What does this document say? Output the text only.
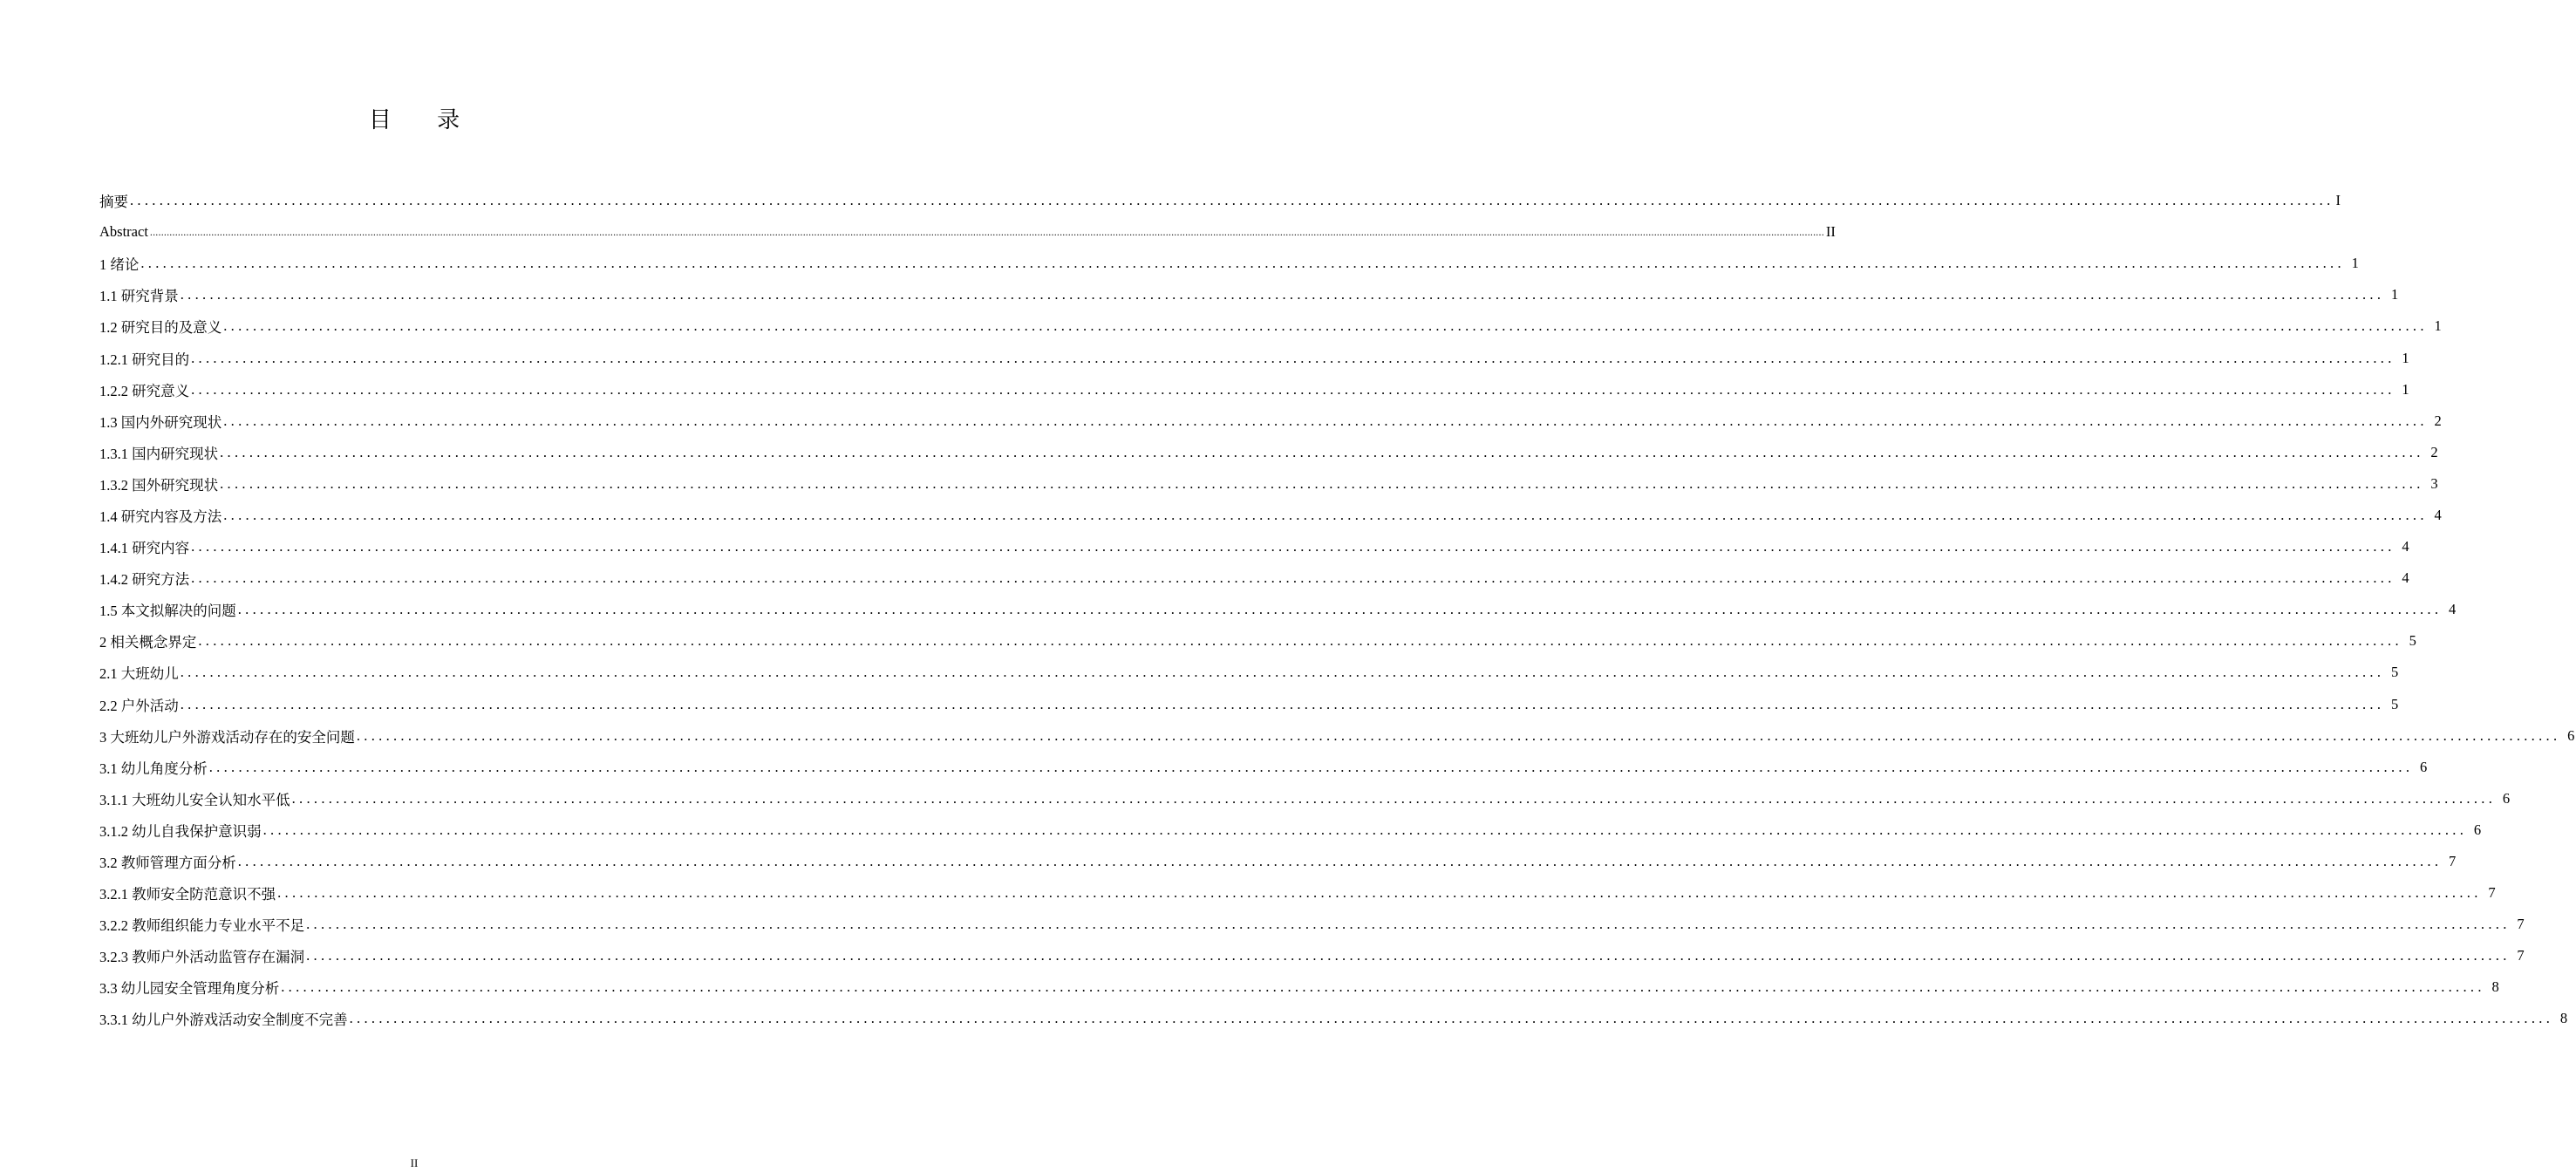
目 录
摘要 ............................................................................................................................................................................................................................................................................................................ I
Abstract ........................................................................................................................................................................................................................................................................................................................................................................................................................................................................................................................................................................................................................ II
1 绪论 ............................................................................................................................................................................................................................................................................................................ 1
1.1 研究背景 ............................................................................................................................................................................................................................................................................................................ 1
1.2 研究目的及意义 ............................................................................................................................................................................................................................................................................................................ 1
1.2.1 研究目的 ............................................................................................................................................................................................................................................................................................................ 1
1.2.2 研究意义 ............................................................................................................................................................................................................................................................................................................ 1
1.3 国内外研究现状 ............................................................................................................................................................................................................................................................................................................ 2
1.3.1 国内研究现状 ............................................................................................................................................................................................................................................................................................................ 2
1.3.2 国外研究现状 ............................................................................................................................................................................................................................................................................................................ 3
1.4 研究内容及方法 ............................................................................................................................................................................................................................................................................................................ 4
1.4.1 研究内容 ............................................................................................................................................................................................................................................................................................................ 4
1.4.2 研究方法 ............................................................................................................................................................................................................................................................................................................ 4
1.5 本文拟解决的问题 ............................................................................................................................................................................................................................................................................................................ 4
2 相关概念界定 ............................................................................................................................................................................................................................................................................................................ 5
2.1 大班幼儿 ............................................................................................................................................................................................................................................................................................................ 5
2.2 户外活动 ............................................................................................................................................................................................................................................................................................................ 5
3 大班幼儿户外游戏活动存在的安全问题 ............................................................................................................................................................................................................................................................................................................ 6
3.1 幼儿角度分析 ............................................................................................................................................................................................................................................................................................................ 6
3.1.1 大班幼儿安全认知水平低 ............................................................................................................................................................................................................................................................................................................ 6
3.1.2 幼儿自我保护意识弱 ............................................................................................................................................................................................................................................................................................................ 6
3.2 教师管理方面分析 ............................................................................................................................................................................................................................................................................................................ 7
3.2.1 教师安全防范意识不强 ............................................................................................................................................................................................................................................................................................................ 7
3.2.2 教师组织能力专业水平不足 ............................................................................................................................................................................................................................................................................................................ 7
3.2.3 教师户外活动监管存在漏洞 ............................................................................................................................................................................................................................................................................................................ 7
3.3 幼儿园安全管理角度分析 ............................................................................................................................................................................................................................................................................................................ 8
3.3.1 幼儿户外游戏活动安全制度不完善 ............................................................................................................................................................................................................................................................................................................ 8
II
